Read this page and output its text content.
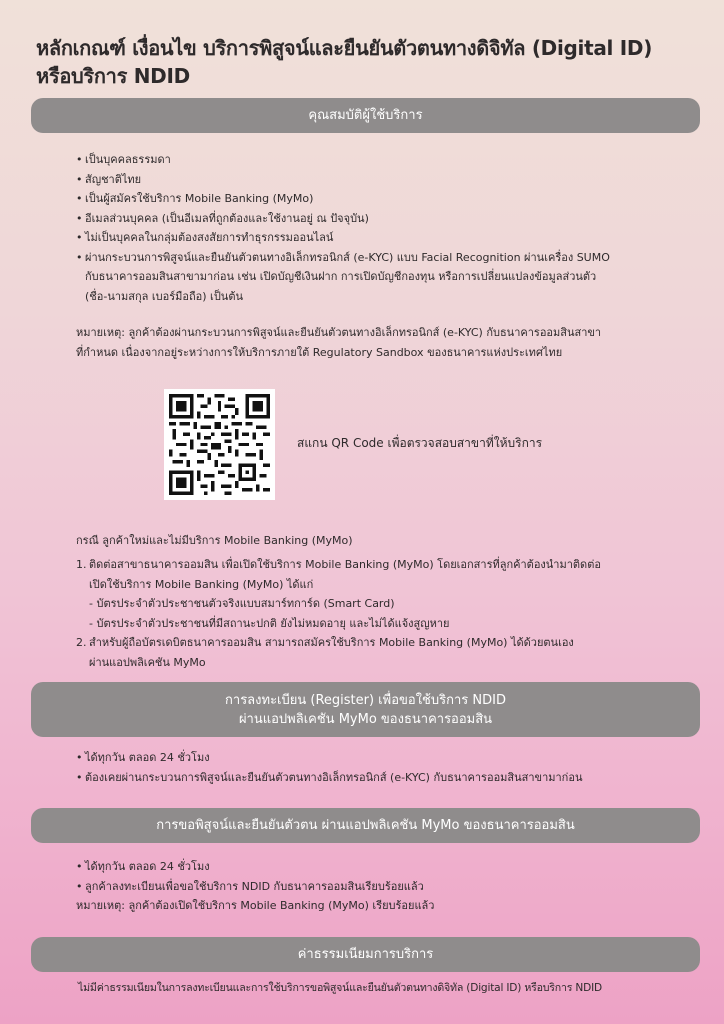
หลักเกณฑ์ เงื่อนไข บริการพิสูจน์และยืนยันตัวตนทางดิจิทัล (Digital ID)
หรือบริการ NDID
คุณสมบัติผู้ใช้บริการ
• เป็นบุคคลธรรมดา
• สัญชาติไทย
• เป็นผู้สมัครใช้บริการ Mobile Banking (MyMo)
• อีเมลส่วนบุคคล (เป็นอีเมลที่ถูกต้องและใช้งานอยู่ ณ ปัจจุบัน)
• ไม่เป็นบุคคลในกลุ่มต้องสงสัยการทำธุรกรรมออนไลน์
• ผ่านกระบวนการพิสูจน์และยืนยันตัวตนทางอิเล็กทรอนิกส์ (e-KYC) แบบ Facial Recognition ผ่านเครื่อง SUMO
กับธนาคารออมสินสาขามาก่อน เช่น เปิดบัญชีเงินฝาก การเปิดบัญชีกองทุน หรือการเปลี่ยนแปลงข้อมูลส่วนตัว
(ชื่อ-นามสกุล เบอร์มือถือ) เป็นต้น
หมายเหตุ: ลูกค้าต้องผ่านกระบวนการพิสูจน์และยืนยันตัวตนทางอิเล็กทรอนิกส์ (e-KYC) กับธนาคารออมสินสาขา
ที่กำหนด เนื่องจากอยู่ระหว่างการให้บริการภายใต้ Regulatory Sandbox ของธนาคารแห่งประเทศไทย
สแกน QR Code เพื่อตรวจสอบสาขาที่ให้บริการ
กรณี ลูกค้าใหม่และไม่มีบริการ Mobile Banking (MyMo)
1. ติดต่อสาขาธนาคารออมสิน เพื่อเปิดใช้บริการ Mobile Banking (MyMo) โดยเอกสารที่ลูกค้าต้องนำมาติดต่อ
เปิดใช้บริการ Mobile Banking (MyMo) ได้แก่
- บัตรประจำตัวประชาชนตัวจริงแบบสมาร์ทการ์ด (Smart Card)
- บัตรประจำตัวประชาชนที่มีสถานะปกติ ยังไม่หมดอายุ และไม่ได้แจ้งสูญหาย
2. สำหรับผู้ถือบัตรเดบิตธนาคารออมสิน สามารถสมัครใช้บริการ Mobile Banking (MyMo) ได้ด้วยตนเอง
ผ่านแอปพลิเคชัน MyMo
การลงทะเบียน (Register) เพื่อขอใช้บริการ NDID
ผ่านแอปพลิเคชัน MyMo ของธนาคารออมสิน
• ได้ทุกวัน ตลอด 24 ชั่วโมง
• ต้องเคยผ่านกระบวนการพิสูจน์และยืนยันตัวตนทางอิเล็กทรอนิกส์ (e-KYC) กับธนาคารออมสินสาขามาก่อน
การขอพิสูจน์และยืนยันตัวตน ผ่านแอปพลิเคชัน MyMo ของธนาคารออมสิน
• ได้ทุกวัน ตลอด 24 ชั่วโมง
• ลูกค้าลงทะเบียนเพื่อขอใช้บริการ NDID กับธนาคารออมสินเรียบร้อยแล้ว
หมายเหตุ: ลูกค้าต้องเปิดใช้บริการ Mobile Banking (MyMo) เรียบร้อยแล้ว
ค่าธรรมเนียมการบริการ
ไม่มีค่าธรรมเนียมในการลงทะเบียนและการใช้บริการขอพิสูจน์และยืนยันตัวตนทางดิจิทัล (Digital ID) หรือบริการ NDID
